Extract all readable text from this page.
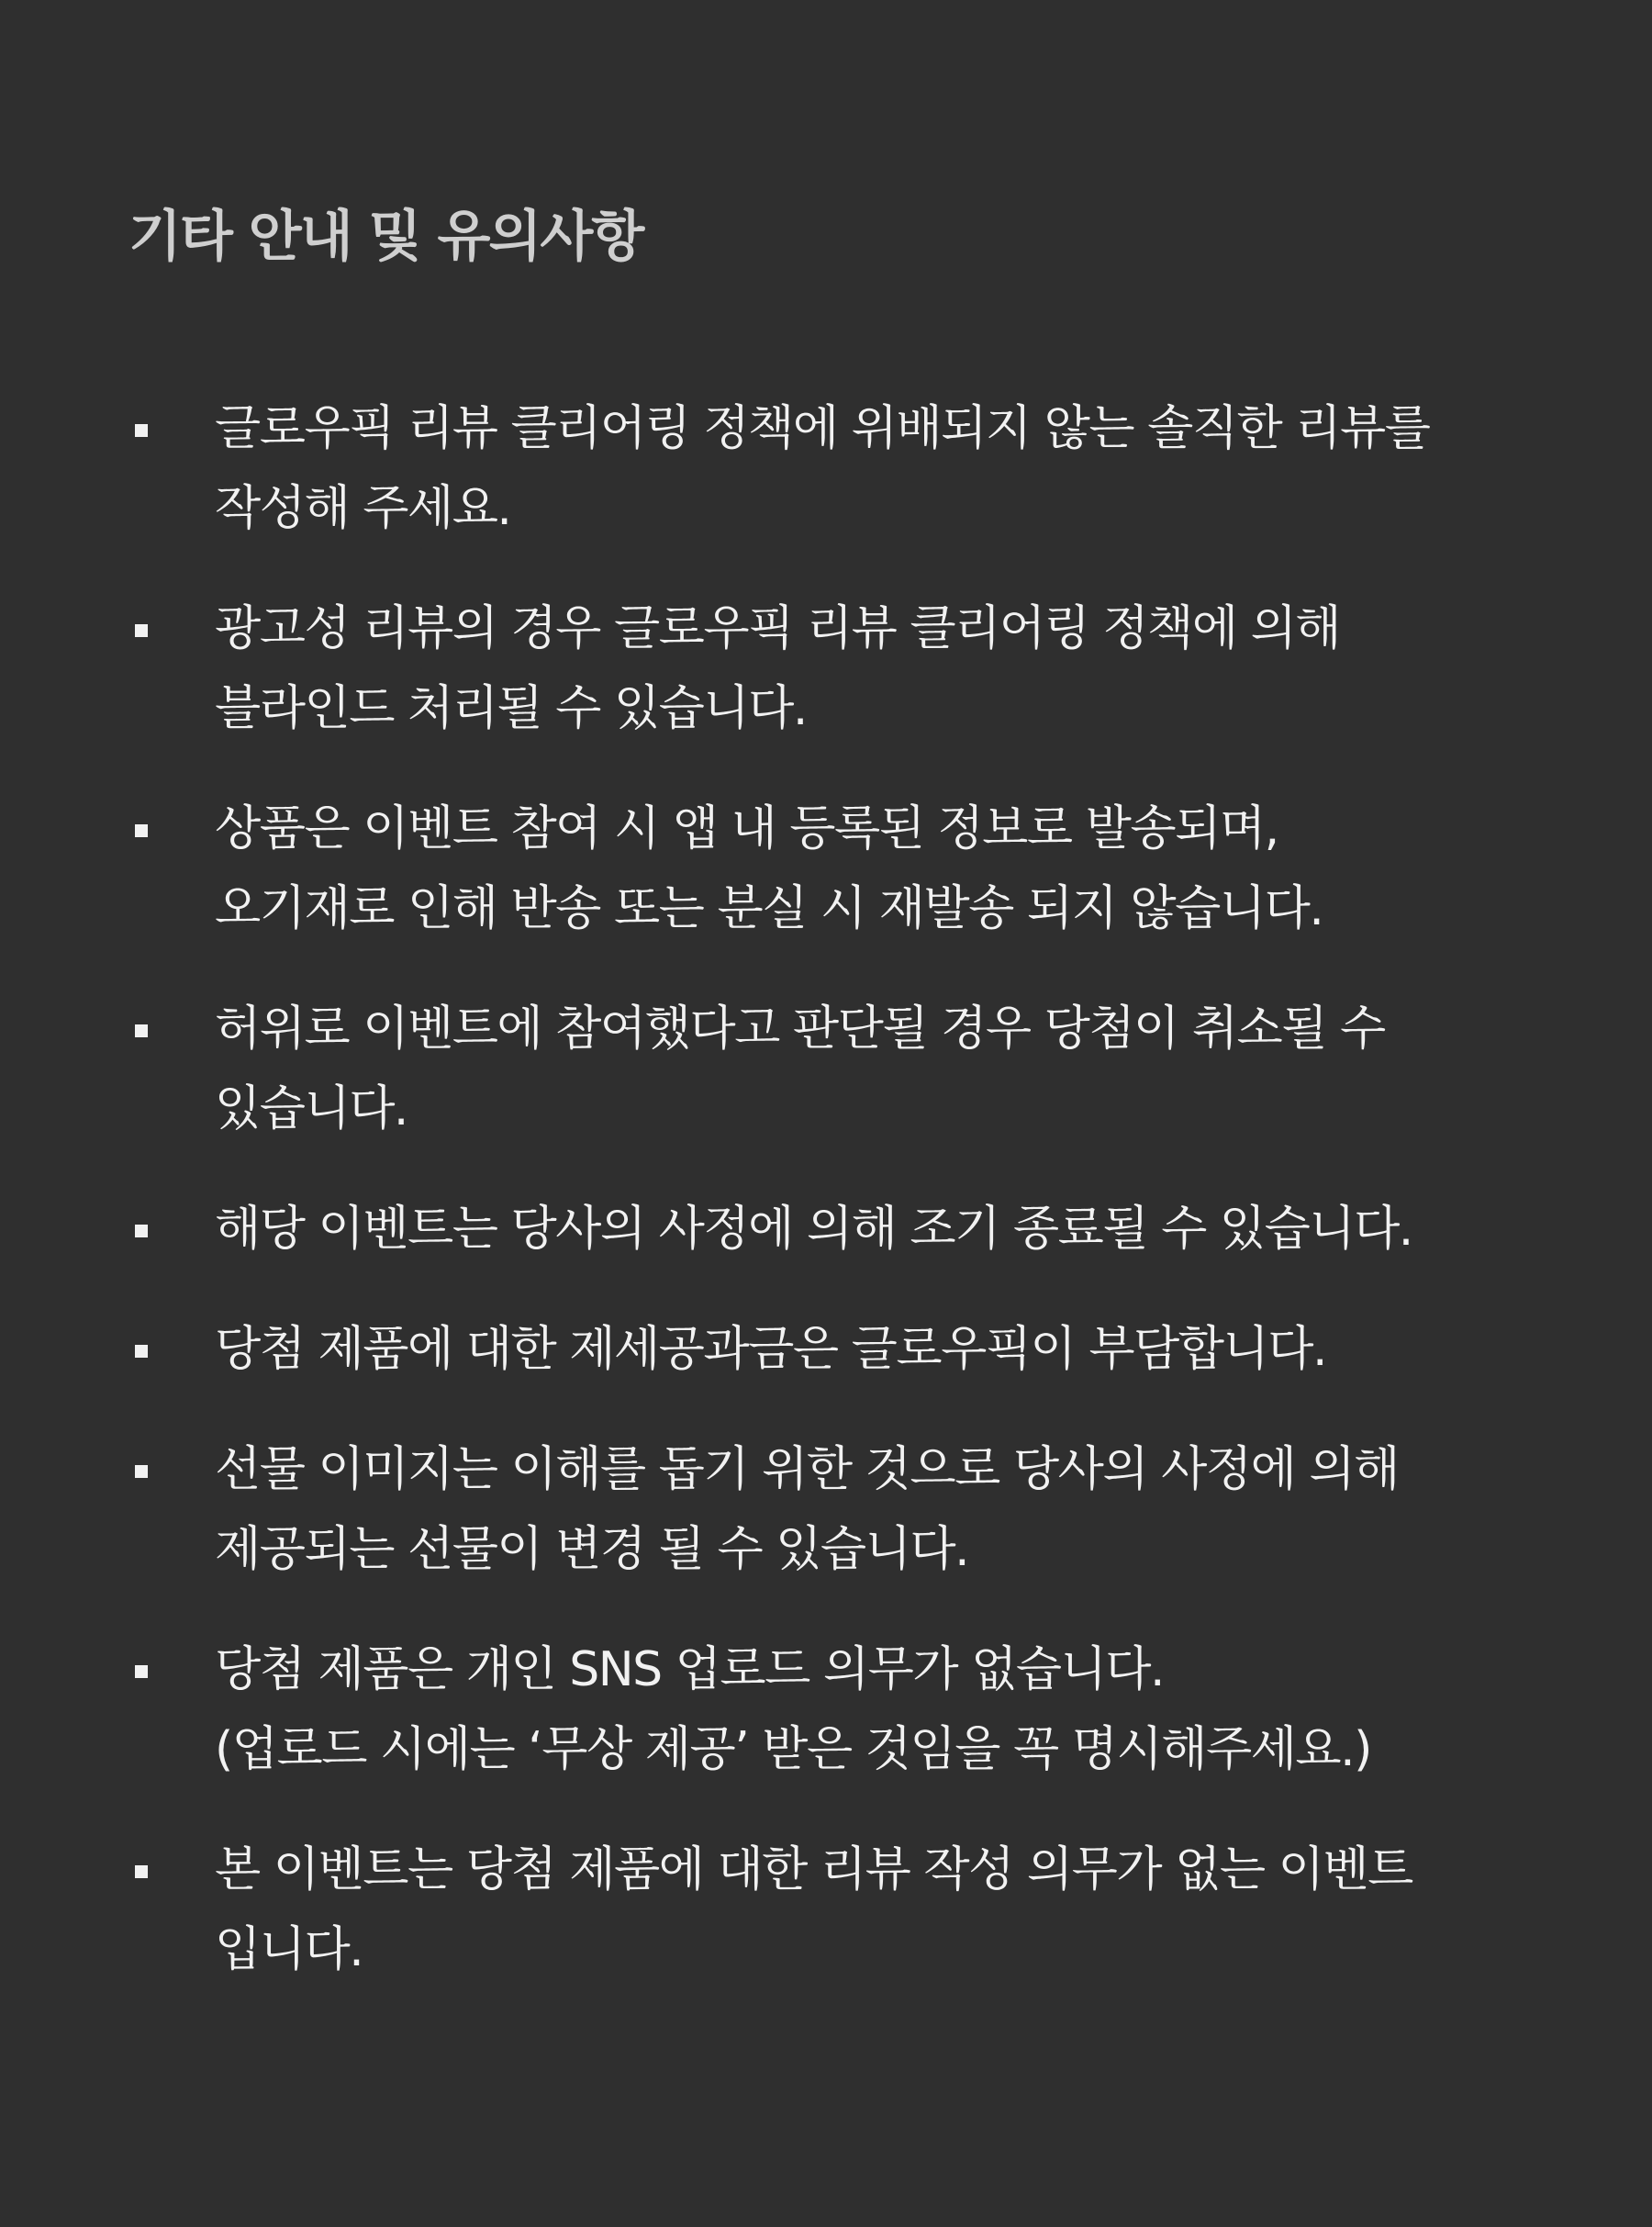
기타 안내 및 유의사항
글로우픽 리뷰 클리어링 정책에 위배되지 않는 솔직한 리뷰를
작성해 주세요.
광고성 리뷰의 경우 글로우픽 리뷰 클리어링 정책에 의해
블라인드 처리될 수 있습니다.
상품은 이벤트 참여 시 앱 내 등록된 정보로 발송되며,
오기재로 인해 반송 또는 분실 시 재발송 되지 않습니다.
허위로 이벤트에 참여했다고 판단될 경우 당첨이 취소될 수
있습니다.
해당 이벤트는 당사의 사정에 의해 조기 종료될 수 있습니다.
당첨 제품에 대한 제세공과금은 글로우픽이 부담합니다.
선물 이미지는 이해를 돕기 위한 것으로 당사의 사정에 의해
제공되는 선물이 변경 될 수 있습니다.
당첨 제품은 개인 SNS 업로드 의무가 없습니다.
(업로드 시에는 ‘무상 제공’ 받은 것임을 꼭 명시해주세요.)
본 이벤트는 당첨 제품에 대한 리뷰 작성 의무가 없는 이벤트
입니다.
